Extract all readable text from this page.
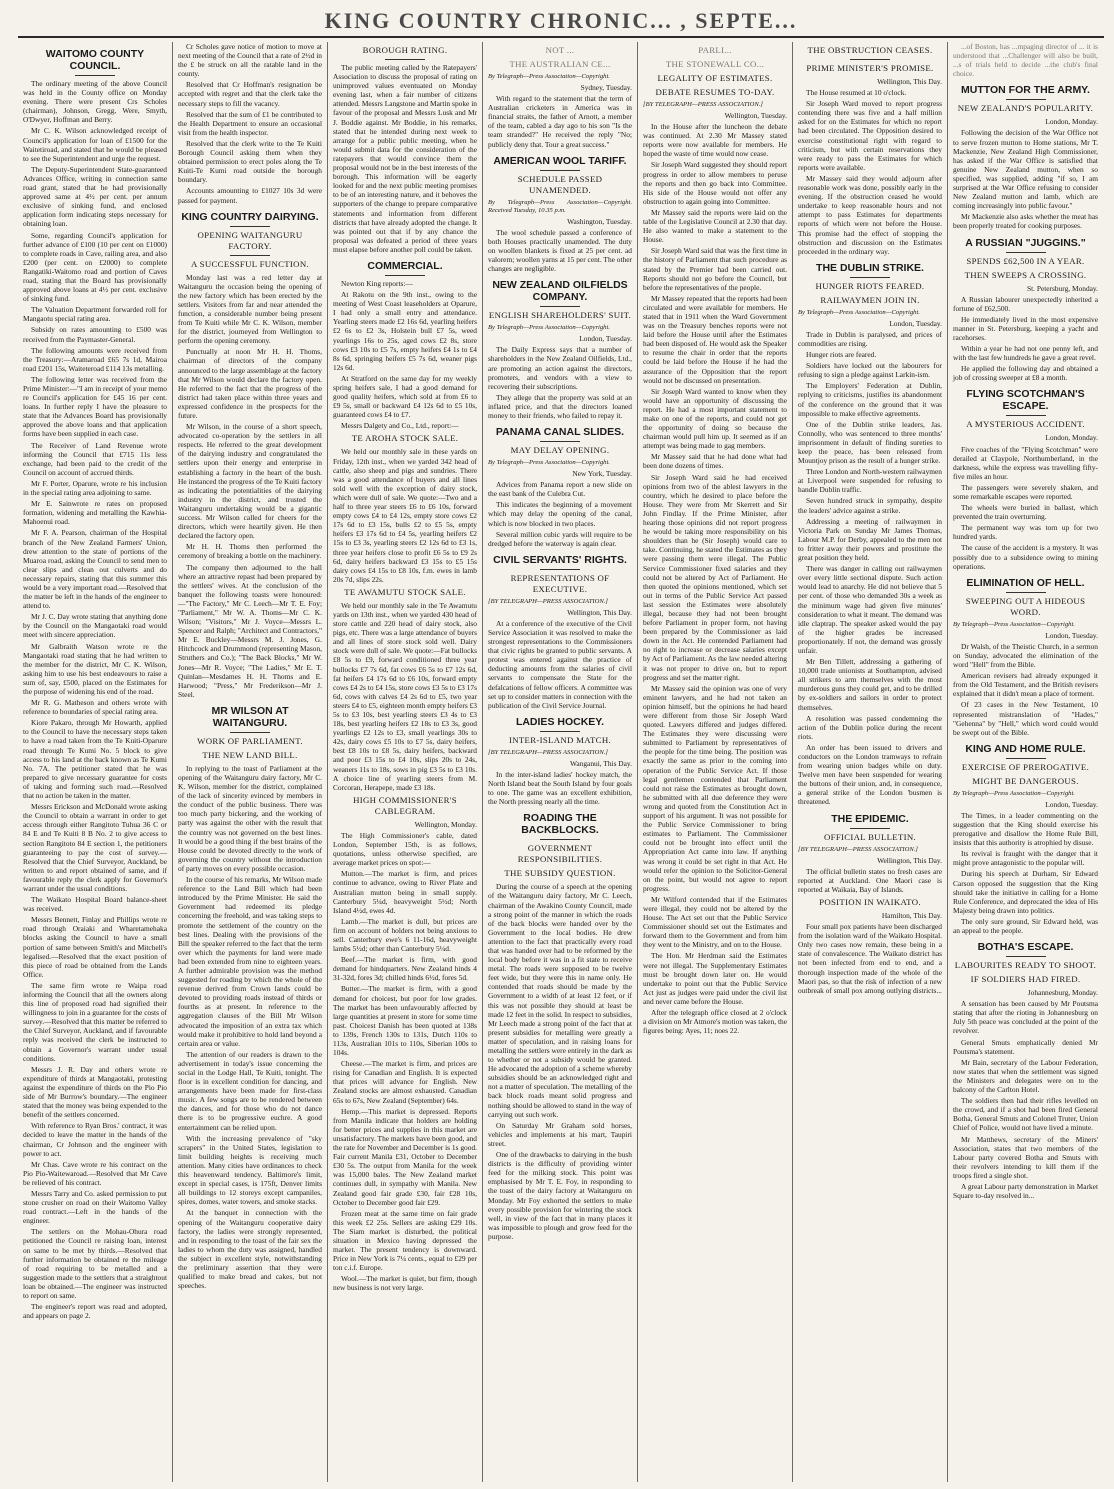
KING COUNTRY CHRONIC... , SEPTE...
WAITOMO COUNTY COUNCIL.

The ordinary meeting of the above Council was held in the County office on Monday evening. There were present Crs Scholes (chairman), Johnson, Gregg, Were, Smyth, O'Dwyer, Hoffman and Berry.

Mr C. K. Wilson acknowledged receipt of Council's application for loan of £1500 for the Waitetiroad, and stated that he would be pleased to see the Superintendent and urge the request.

The Deputy-Superintendent State-guaranteed Advances Office, writing in connection same road grant, stated that he had provisionally approved same at 4½ per cent. per annum exclusive of sinking fund, and enclosed application form indicating steps necessary for obtaining loan.

Some, regarding Council's application for further advance of £100 (10 per cent on £1000) to complete roads in Cave, railing area, and also £200 (per cent. on £2000) to complete Rangatiki-Waitomo road and portion of Caves road, stating that the Board has provisionally approved above loans at 4½ per cent. exclusive of sinking fund.

The Valuation Department forwarded roll for Mangaotu special rating area.

Subsidy on rates amounting to £500 was received from the Paymaster-General.

The following amounts were received from the Treasury:—Aramaroad £65 7s 1d, Mairoa road £201 15s, Waiteteroad £114 13s metalling.

The following letter was received from the Prime Minister:—"I am in receipt of your memo re Council's application for £45 16 per cent. loans. In further reply I have the pleasure to state that the Advances Board has provisionally approved the above loans and that application forms have been supplied in each case.

The Receiver of Land Revenue wrote informing the Council that £715 11s less exchange, had been paid to the credit of the Council on account of accrued thirds.

Mr F. Porter, Oparure, wrote re his inclusion in the special rating area adjoining to same.

Mr E. Sainwrote re rates on proposed formation, widening and metalling the Kawhia-Mahoenui road.

Mr F. A. Pearson, chairman of the Hospital branch of the New Zealand Farmers' Union, drew attention to the state of portions of the Muaroa road, asking the Council to send men to clear slips and clean out culverts and do necessary repairs, stating that this summer this would be a very important road.—Resolved that the matter be left in the hands of the engineer to attend to.

Mr J. C. Day wrote stating that anything done by the Council on the Mangaotaki road would meet with sincere appreciation.

Mr Galbraith Watson wrote re the Mangaotaki road stating that he had written to the member for the district, Mr C. K. Wilson, asking him to use his best endeavours to raise a sum of, say, £500, placed on the Estimates for the purpose of widening his end of the road.

Mr R. G. Matheson and others wrote with reference to boundaries of special rating area.

Kiore Pakaro, through Mr Howarth, applied to the Council to have the necessary steps taken to have a road taken from the Te Kuiti-Oparure road through Te Kumi No. 5 block to give access to his land at the back known as Te Kumi No. 7A. The petitioner stated that he was prepared to give necessary guarantee for costs of taking and forming such road.—Resolved that no action be taken in the matter.

Messrs Erickson and McDonald wrote asking the Council to obtain a warrant in order to get access through either Rangitoto Tuhua 36 C or 84 E and Te Kuiti 8 B No. 2 to give access to section Rangitoto 84 E section 1, the petitioners guaranteeing to pay the cost of survey.—Resolved that the Chief Surveyor, Auckland, be written to and report obtained of same, and if favourable reply the clerk apply for Governor's warrant under the usual conditions.

The Waikato Hospital Board balance-sheet was received.

Messrs Bennett, Finlay and Phillips wrote re road through Oraiaki and Wharetamehaka blocks asking the Council to have a small portion of same between Smith's and Mitchell's legalised.—Resolved that the exact position of this piece of road be obtained from the Lands Office.

The same firm wrote re Waipa road informing the Council that all the owners along this line of proposed road had signified their willingness to join in a guarantee for the costs of survey.—Resolved that this matter be referred to the Chief Surveyor, Auckland, and if favourable reply was received the clerk be instructed to obtain a Governor's warrant under usual conditions.

Messrs J. R. Day and others wrote re expenditure of thirds at Mangaotaki, protesting against the expenditure of thirds on the Pio Pio side of Mr Burrow's boundary.—The engineer stated that the money was being expended to the benefit of the settlers concerned.

With reference to Ryan Bros.' contract, it was decided to leave the matter in the hands of the chairman, Cr Johnson and the engineer with power to act.

Mr Chas. Cave wrote re his contract on the Pio Pio-Waitewaroad.—Resolved that Mr Cave be relieved of his contract.

Messrs Tarry and Co. asked permission to put stone crusher on road on their Waitomo Valley road contract.—Left in the hands of the engineer.

The settlers on the Mohau-Ohura road petitioned the Council re raising loan, interest on same to be met by thirds.—Resolved that further information be obtained re the mileage of road requiring to be metalled and a suggestion made to the settlers that a straightout loan be obtained.—The engineer was instructed to report on same.

The engineer's report was read and adopted, and appears on page 2.

Cr Scholes gave notice of motion to move at next meeting of the Council that a rate of 2½d in the £ be struck on all the ratable land in the county.

Resolved that Cr Hoffman's resignation be accepted with regret and that the clerk take the necessary steps to fill the vacancy.

Resolved that the sum of £1 be contributed to the Health Department to ensure an occasional visit from the health inspector.

Resolved that the clerk write to the Te Kuiti Borough Council asking them when they obtained permission to erect poles along the Te Kuiti-Te Kumi road outside the borough boundary.

Accounts amounting to £1027 10s 3d were passed for payment.

KING COUNTRY DAIRYING.
OPENING WAITANGURU FACTORY.
A SUCCESSFUL FUNCTION.

Monday last was a red letter day at Waitanguru the occasion being the opening of the new factory which has been erected by the settlers. Visitors from far and near attended the function, a considerable number being present from Te Kuiti while Mr C. K. Wilson, member for the district, journeyed from Wellington to perform the opening ceremony.

Punctually at noon Mr H. H. Thoms, chairman of directors of the company announced to the large assemblage at the factory that Mr Wilson would declare the factory open. He referred to the fact that the progress of the district had taken place within three years and expressed confidence in the prospects for the future.

Mr Wilson, in the course of a short speech, advocated co-operation by the settlers in all respects. He referred to the great development of the dairying industry and congratulated the settlers upon their energy and enterprise in establishing a factory in the heart of the bush. He instanced the progress of the Te Kuiti factory as indicating the potentialities of the dairying industry in the district, and trusted the Waitanguru undertaking would be a gigantic success. Mr Wilson called for cheers for the directors, which were heartily given. He then declared the factory open.

Mr H. H. Thoms then performed the ceremony of breaking a bottle on the machinery.

The company then adjourned to the hall where an attractive repast had been prepared by the settlers' wives. At the conclusion of the banquet the following toasts were honoured:—"The Factory," Mr C. Leech—Mr T. E. Foy; "Parliament," Mr W. A. Thoms—Mr C. K. Wilson; "Visitors," Mr J. Voyce—Messrs L. Spencer and Ralph; "Architect and Contractors," Mr E. Buckley—Messrs M. J. Jones, G. Hitchcock and Drummond (representing Mason, Struthers and Co.); "The Back Blocks," Mr W. Jones—Mr R. Voyce; "The Ladies," Mr E. T. Quinlan—Mesdames H. H. Thoms and E. Harwood; "Press," Mr Frederikson—Mr J. Steel.

MR WILSON AT WAITANGURU.
WORK OF PARLIAMENT.
THE NEW LAND BILL.

In replying to the toast of Parliament at the opening of the Waitanguru dairy factory, Mr C. K. Wilson, member for the district, complained of the lack of sincerity evinced by members in the conduct of the public business. There was too much party bickering, and the working of party was against the other with the result that the country was not governed on the best lines. It would be a good thing if the best brains of the House could be devoted directly to the work of governing the country without the introduction of party moves on every possible occasion.

In the course of his remarks, Mr Wilson made reference to the Land Bill which had been introduced by the Prime Minister. He said the Government had redeemed its pledge concerning the freehold, and was taking steps to promote the settlement of the country on the best lines. Dealing with the provisions of the Bill the speaker referred to the fact that the term over which the payments for land were made had been extended from nine to eighteen years. A further admirable provision was the method suggested for roading by which the whole of the revenue derived from Crown lands could be devoted to providing roads instead of thirds or fourths as at present. In reference to the aggregation clauses of the Bill Mr Wilson advocated the imposition of an extra tax which would make it prohibitive to hold land beyond a certain area or value.

The attention of our readers is drawn to the advertisement in today's issue concerning the social in the Lodge Hall, Te Kuiti, tonight. The floor is in excellent condition for dancing, and arrangements have been made for first-class music. A few songs are to be rendered between the dances, and for those who do not dance there is to be progressive euchre. A good entertainment can be relied upon.

With the increasing prevalence of "sky scrapers" in the United States, legislation to limit building heights is receiving much attention. Many cities have ordinances to check this heavenward tendency. Baltimore's limit, except in special cases, is 175ft, Denver limits all buildings to 12 storeys except campaniles, spires, domes, water towers, and smoke stacks.

At the banquet in connection with the opening of the Waitanguru cooperative dairy factory, the ladies were strongly represented, and in responding to the toast of the fair sex the ladies to whom the duty was assigned, handled the subject in excellent style, notwithstanding the preliminary assertion that they were qualified to make bread and cakes, but not speeches.

BOROUGH RATING.

The public meeting called by the Ratepayers' Association to discuss the proposal of rating on unimproved values eventuated on Monday evening last, when a fair number of citizens attended. Messrs Langstone and Martin spoke in favour of the proposal and Messrs Lusk and Mr J. Boddie against. Mr Boddie, in his remarks, stated that he intended during next week to arrange for a public public meeting, when he would submit data for the consideration of the ratepayers that would convince them the proposal would not be in the best interests of the borough. This information will be eagerly looked for and the next public meeting promises to be of an interesting nature, and it behoves the supporters of the change to prepare comparative statements and information from different districts that have already adopted the change. It was pointed out that if by any chance the proposal was defeated a period of three years must elapse before another poll could be taken.

COMMERCIAL.

Newton King reports:—

At Rakotu on the 9th inst., owing to the meeting of West Coast leaseholders at Oparure, I had only a small entry and attendance. Yearling steers made £2 16s 6d, yearling heifers £2 6s to £2 3s, Holstein bull £7 5s, weed yearlings 16s to 25s, aged cows £2 8s, store cows £3 10s to £5 7s, empty heifers £4 1s to £4 8s 6d, springing heifers £5 7s 6d, weaner pigs 12s 6d.

At Stratford on the same day for my weekly spring heifers sale, I had a good demand for good quality heifers, which sold at from £6 to £9 5s, small or backward £4 12s 6d to £5 10s, guaranteed cows £4 to £7.

Messrs Dalgety and Co., Ltd., report:—

TE AROHA STOCK SALE.

We held our monthly sale in these yards on Friday, 12th inst., when we yarded 342 head of cattle, also sheep and pigs and sundries. There was a good attendance of buyers and all lines sold well with the exception of dairy stock, which were dull of sale. We quote:—Two and a half to three year steers £6 to £6 10s, forward empty cows £4 to £4 12s, empty store cows £2 17s 6d to £3 15s, bulls £2 to £5 5s, empty heifers £3 17s 6d to £4 5s, yearling heifers £2 15s to £3 3s, yearling steers £2 12s 6d to £3 1s, three year heifers close to profit £6 5s to £9 2s 6d, dairy heifers backward £3 15s to £5 15s dairy cows £4 15s to £8 10s, f.m. ewes in lamb 20s 7d, slips 22s.

TE AWAMUTU STOCK SALE.

We held our monthly sale in the Te Awamutu yards on 13th inst., when we yarded 430 head of store cattle and 220 head of dairy stock, also pigs, etc. There was a large attendance of buyers and all lines of store stock sold well. Dairy stock were dull of sale. We quote:—Fat bullocks £8 5s to £9, forward conditioned three year bullocks £7 7s 6d, fat cows £6 5s to £7 12s 6d, fat heifers £4 17s 6d to £6 10s, forward empty cows £4 2s to £4 15s, store cows £3 5s to £3 17s 6d, cows with calves £4 2s 6d to £5, two year steers £4 to £5, eighteen month empty heifers £3 5s to £3 10s, best yearling steers £3 4s to £3 18s, best yearling heifers £2 18s to £3 3s, good yearlings £2 12s to £3, small yearlings 30s to 42s, dairy cows £5 10s to £7 5s, dairy heifers, best £8 10s to £8 5s, dairy heifers, backward and poor £3 15s to £4 10s, slips 20s to 24s, weaners 11s to 18s, sows in pig £3 5s to £3 10s. A choice line of yearling steers from M. Corcoran, Herapepe, made £3 18s.

HIGH COMMISSIONER'S CABLEGRAM.
Wellington, Monday.

The High Commissioner's cable, dated London, September 15th, is as follows, quotations, unless otherwise specified, are average market prices on spot:—

Mutton.—The market is firm, and prices continue to advance, owing to River Plate and Australian mutton being in small supply. Canterbury 5¼d, heavyweight 5½d; North Island 4½d, ewes 4d.

Lamb.—The market is dull, but prices are firm on account of holders not being anxious to sell. Canterbury ewe's 6 11-16d, heavyweight lambs 5½d; other than Canterbury 5¼d.

Beef.—The market is firm, with good demand for hindquarters. New Zealand hinds 4 31-32d, fores 3d; chilled hinds 6½d, fores 5d.

Butter.—The market is firm, with a good demand for choicest, but poor for low grades. The market has been unfavourably affected by large quantities at present in store for some time past. Choicest Danish has been quoted at 138s to 139s, French 130s to 131s, Dutch 110s to 113s, Australian 101s to 110s, Siberian 100s to 104s.

Cheese.—The market is firm, and prices are rising for Canadian and English. It is expected that prices will advance for English. New Zealand stocks are almost exhausted. Canadian 65s to 67s, New Zealand (September) 64s.

Hemp.—This market is depressed. Reports from Manila indicate that holders are holding for better prices and supplies in this market are unsatisfactory. The markets have been good, and the rate for November and December is 1s good. Fair current Manila £31, October to December £30 5s. The output from Manila for the week was 15,000 bales. The New Zealand market continues dull, in sympathy with Manila. New Zealand good fair grade £30, fair £28 10s, October to December good fair £29.

Frozen meat at the same time on fair grade this week £2 25s. Sellers are asking £29 10s. The Siam market is disturbed, the political situation in Mexico having depressed the market. The present tendency is downward. Price in New York is 7¼ cents., equal to £29 per ton c.i.f. Europe.

Wool.—The market is quiet, but firm, though new business is not very large.

NOT ...
THE AUSTRALIAN CE...
By Telegraph—Press Association—Copyright.
Sydney, Tuesday.

With regard to the statement that the term of Australian cricketers in America was in financial straits, the father of Arnott, a member of the team, cabled a day ago to his son "Is the team stranded?" He received the reply "No; publicly deny that. Tour a great success."

AMERICAN WOOL TARIFF.
SCHEDULE PASSED UNAMENDED.
By Telegraph—Press Association—Copyright. Received Tuesday, 10.35 p.m.
Washington, Tuesday.

The wool schedule passed a conference of both Houses practically unamended. The duty on woollen blankets is fixed at 25 per cent. ad valorem; woollen yarns at 15 per cent. The other changes are negligible.

NEW ZEALAND OILFIELDS COMPANY.
ENGLISH SHAREHOLDERS' SUIT.
By Telegraph—Press Association—Copyright.
London, Tuesday.

The Daily Express says that a number of shareholders in the New Zealand Oilfields, Ltd., are promoting an action against the directors, promoters, and vendors with a view to recovering their subscriptions.

They allege that the property was sold at an inflated price, and that the directors loaned money to their friends, who failed to repay it.

PANAMA CANAL SLIDES.
MAY DELAY OPENING.
By Telegraph—Press Association—Copyright.
New York, Tuesday.

Advices from Panama report a new slide on the east bank of the Culebra Cut.

This indicates the beginning of a movement which may delay the opening of the canal, which is now blocked in two places.

Several million cubic yards will require to be dredged before the waterway is again clear.

CIVIL SERVANTS' RIGHTS.
REPRESENTATIONS OF EXECUTIVE.
[BY TELEGRAPH—PRESS ASSOCIATION.]
Wellington, This Day.

At a conference of the executive of the Civil Service Association it was resolved to make the strongest representations to the Commissioners that civic rights be granted to public servants. A protest was entered against the practice of deducting amounts from the salaries of civil servants to compensate the State for the defalcations of fellow officers. A committee was set up to consider matters in connection with the publication of the Civil Service Journal.

LADIES HOCKEY.
INTER-ISLAND MATCH.
[BY TELEGRAPH—PRESS ASSOCIATION.]
Wanganui, This Day.

In the inter-island ladies' hockey match, the North Island beat the South Island by four goals to one. The game was an excellent exhibition, the North pressing nearly all the time.

ROADING THE BACKBLOCKS.
GOVERNMENT RESPONSIBILITIES.
THE SUBSIDY QUESTION.

During the course of a speech at the opening of the Waitanguru dairy factory, Mr C. Leech, chairman of the Awakino County Council, made a strong point of the manner in which the roads of the back blocks were handed over by the Government to the local bodies. He drew attention to the fact that practically every road that was handed over had to be reformed by the local body before it was in a fit state to receive metal. The roads were supposed to be twelve feet wide, but they were this in name only. He contended that roads should be made by the Government to a width of at least 12 feet, or if this was not possible they should at least be made 12 feet in the solid. In respect to subsidies, Mr Leech made a strong point of the fact that at present subsidies for metalling were greatly a matter of speculation, and in raising loans for metalling the settlers were entirely in the dark as to whether or not a subsidy would be granted. He advocated the adoption of a scheme whereby subsidies should be an acknowledged right and not a matter of speculation. The metalling of the back block roads meant solid progress and nothing should be allowed to stand in the way of carrying out such work.

On Saturday Mr Graham sold horses, vehicles and implements at his mart, Taupiri street.

One of the drawbacks to dairying in the bush districts is the difficulty of providing winter feed for the milking stock. This point was emphasised by Mr T. E. Foy, in responding to the toast of the dairy factory at Waitanguru on Monday. Mr Foy exhorted the settlers to make every possible provision for wintering the stock well, in view of the fact that in many places it was impossible to plough and grow feed for the purpose.

PARLI...
THE STONEWALL CO...
LEGALITY OF ESTIMATES.
DEBATE RESUMES TO-DAY.
[BY TELEGRAPH—PRESS ASSOCIATION.]
Wellington, Tuesday.

In the House after the luncheon the debate was continued. At 2.30 Mr Massey stated reports were now available for members. He hoped the waste of time would now cease.

Sir Joseph Ward suggested they should report progress in order to allow members to peruse the reports and then go back into Committee. His side of the House would not offer any obstruction to again going into Committee.

Mr Massey said the reports were laid on the table of the Legislative Council at 2.30 that day. He also wanted to make a statement to the House.

Sir Joseph Ward said that was the first time in the history of Parliament that such procedure as stated by the Premier had been carried out. Reports should not go before the Council, but before the representatives of the people.

Mr Massey repeated that the reports had been circulated and were available for members. He stated that in 1911 when the Ward Government was on the Treasury benches reports were not laid before the House until after the Estimates had been disposed of. He would ask the Speaker to resume the chair in order that the reports could be laid before the House if he had the assurance of the Opposition that the report would not be discussed on presentation.

Sir Joseph Ward wanted to know when they would have an opportunity of discussing the report. He had a most important statement to make on one of the reports, and could not get the opportunity of doing so because the chairman would pull him up. It seemed as if an attempt was being made to gag members.

Mr Massey said that he had done what had been done dozens of times.

Sir Joseph Ward said he had received opinions from two of the ablest lawyers in the country, which he desired to place before the House. They were from Mr Skerrett and Sir John Findlay. If the Prime Minister, after hearing those opinions did not report progress he would be taking more responsibility on his shoulders than he (Sir Joseph) would care to take. Continuing, he stated the Estimates as they were passing them were illegal. The Public Service Commissioner fixed salaries and they could not be altered by Act of Parliament. He then quoted the opinions mentioned, which set out in terms of the Public Service Act passed last session the Estimates were absolutely illegal, because they had not been brought before Parliament in proper form, not having been prepared by the Commissioner as laid down in the Act. He contended Parliament had no right to increase or decrease salaries except by Act of Parliament. As the law needed altering it was not proper to drive on, but to report progress and set the matter right.

Mr Massey said the opinion was one of very eminent lawyers, and he had not taken an opinion himself, but the opinions he had heard were different from those Sir Joseph Ward quoted. Lawyers differed and judges differed. The Estimates they were discussing were submitted to Parliament by representatives of the people for the time being. The position was exactly the same as prior to the coming into operation of the Public Service Act. If those legal gentlemen contended that Parliament could not raise the Estimates as brought down, he submitted with all due deference they were wrong and quoted from the Constitution Act in support of his argument. It was not possible for the Public Service Commissioner to bring estimates to Parliament. The Commissioner could not be brought into effect until the Appropriation Act came into law. If anything was wrong it could be set right in that Act. He would refer the opinion to the Solicitor-General on the point, but would not agree to report progress.

Mr Wilford contended that if the Estimates were illegal, they could not be altered by the House. The Act set out that the Public Service Commissioner should set out the Estimates and forward them to the Government and from him they went to the Ministry, and on to the House.

The Hon. Mr Herdman said the Estimates were not illegal. The Supplementary Estimates must be brought down later on. He would undertake to point out that the Public Service Act just as judges were paid under the civil list and never came before the House.

After the telegraph office closed at 2 o'clock a division on Mr Atmore's motion was taken, the figures being: Ayes, 11; noes 22.

THE OBSTRUCTION CEASES.
PRIME MINISTER'S PROMISE.
Wellington, This Day.

The House resumed at 10 o'clock.

Sir Joseph Ward moved to report progress contending there was five and a half million asked for on the Estimates for which no report had been circulated. The Opposition desired to exercise constitutional right with regard to criticism, but with certain reservations they were ready to pass the Estimates for which reports were available.

Mr Massey said they would adjourn after reasonable work was done, possibly early in the evening. If the obstruction ceased he would undertake to keep reasonable hours and not attempt to pass Estimates for departments reports of which were not before the House. This promise had the effect of stopping the obstruction and discussion on the Estimates proceeded in the ordinary way.

THE DUBLIN STRIKE.
HUNGER RIOTS FEARED.
RAILWAYMEN JOIN IN.
By Telegraph—Press Association—Copyright.
London, Tuesday.

Trade in Dublin is paralysed, and prices of commodities are rising.

Hunger riots are feared.

Soldiers have locked out the labourers for refusing to sign a pledge against Larkin-ism.

The Employers' Federation at Dublin, replying to criticisms, justifies its abandonment of the conference on the ground that it was impossible to make effective agreements.

One of the Dublin strike leaders, Jas. Connolly, who was sentenced to three months' imprisonment in default of finding sureties to keep the peace, has been released from Mountjoy prison as the result of a hunger strike.

Three London and North-western railwaymen at Liverpool were suspended for refusing to handle Dublin traffic.

Seven hundred struck in sympathy, despite the leaders' advice against a strike.

Addressing a meeting of railwaymen in Victoria Park on Sunday Mr James Thomas, Labour M.P. for Derby, appealed to the men not to fritter away their powers and prostitute the great position they held.

There was danger in calling out railwaymen over every little sectional dispute. Such action would lead to anarchy. He did not believe that 5 per cent. of those who demanded 30s a week as the minimum wage had given five minutes' consideration to what it meant. The demand was idle claptrap. The speaker asked would the pay of the higher grades be increased proportionately. If not, the demand was grossly unfair.

Mr Ben Tillett, addressing a gathering of 10,000 trade unionists at Southampton, advised all strikers to arm themselves with the most murderous guns they could get, and to be drilled by ex-soldiers and sailors in order to protect themselves.

A resolution was passed condemning the action of the Dublin police during the recent riots.

An order has been issued to drivers and conductors on the London tramways to refrain from wearing union badges while on duty. Twelve men have been suspended for wearing the buttons of their union, and, in consequence, a general strike of the London 'busmen is threatened.

THE EPIDEMIC.
OFFICIAL BULLETIN.
[BY TELEGRAPH—PRESS ASSOCIATION.]
Wellington, This Day.

The official bulletin states no fresh cases are reported at Auckland. One Maori case is reported at Waikaia, Bay of Islands.

POSITION IN WAIKATO.
Hamilton, This Day.

Four small pox patients have been discharged from the isolation ward of the Waikato Hospital. Only two cases now remain, these being in a state of convalescence. The Waikato district has not been infected from end to end, and a thorough inspection made of the whole of the Maori pas, so that the risk of infection of a new outbreak of small pox among outlying districts...

...of Boston, has ...mpaging director of ... it is understood that ...Challenger will also be built, ...s of trials held to decide ...the club's final choice.

MUTTON FOR THE ARMY.
NEW ZEALAND'S POPULARITY.
London, Monday.

Following the decision of the War Office not to serve frozen mutton to Home stations, Mr T. Mackenzie, New Zealand High Commissioner, has asked if the War Office is satisfied that genuine New Zealand mutton, when so specified, was supplied, adding "if so, I am surprised at the War Office refusing to consider New Zealand mutton and lamb, which are coming increasingly into public favour."

Mr Mackenzie also asks whether the meat has been properly treated for cooking purposes.

A RUSSIAN "JUGGINS."
SPENDS £62,500 IN A YEAR.
THEN SWEEPS A CROSSING.
St. Petersburg, Monday.

A Russian labourer unexpectedly inherited a fortune of £62,500.

He immediately lived in the most expensive manner in St. Petersburg, keeping a yacht and racehorses.

Within a year he had not one penny left, and with the last few hundreds he gave a great revel.

He applied the following day and obtained a job of crossing sweeper at £8 a month.

FLYING SCOTCHMAN'S ESCAPE.
A MYSTERIOUS ACCIDENT.
London, Monday.

Five coaches of the "Flying Scotchman" were derailed at Claypole, Northumberland, in the darkness, while the express was travelling fifty-five miles an hour.

The passengers were severely shaken, and some remarkable escapes were reported.

The wheels were buried in ballast, which prevented the train overturning.

The permanent way was torn up for two hundred yards.

The cause of the accident is a mystery. It was possibly due to a subsidence owing to mining operations.

ELIMINATION OF HELL.
SWEEPING OUT A HIDEOUS WORD.
By Telegraph—Press Association—Copyright.
London, Tuesday.

Dr Walsh, of the Theistic Church, in a sermon on Sunday, advocated the elimination of the word "Hell" from the Bible.

American revisers had already expunged it from the Old Testament, and the British revisers explained that it didn't mean a place of torment.

Of 23 cases in the New Testament, 10 represented mistranslation of "Hades," "Gehenna" by "Hell," which word could would be swept out of the Bible.

KING AND HOME RULE.
EXERCISE OF PREROGATIVE.
MIGHT BE DANGEROUS.
By Telegraph—Press Association—Copyright.
London, Tuesday.

The Times, in a leader commenting on the suggestion that the King should exercise his prerogative and disallow the Home Rule Bill, insists that this authority is atrophied by disuse.

Its revival is fraught with the danger that it might prove antagonistic to the popular will.

During his speech at Durham, Sir Edward Carson opposed the suggestion that the King should take the initiative in calling for a Home Rule Conference, and deprecated the idea of His Majesty being drawn into politics.

The only sure ground, Sir Edward held, was an appeal to the people.

BOTHA'S ESCAPE.
LABOURITES READY TO SHOOT.
IF SOLDIERS HAD FIRED.
Johannesburg, Monday.

A sensation has been caused by Mr Poutsma stating that after the rioting in Johannesburg on July 5th peace was concluded at the point of the revolver.

General Smuts emphatically denied Mr Poutsma's statement.

Mr Bain, secretary of the Labour Federation, now states that when the settlement was signed the Ministers and delegates were on to the balcony of the Carlton Hotel.

The soldiers then had their rifles levelled on the crowd, and if a shot had been fired General Botha, General Smuts and Colonel Truter, Union Chief of Police, would not have lived a minute.

Mr Matthews, secretary of the Miners' Association, states that two members of the Labour party covered Botha and Smuts with their revolvers intending to kill them if the troops fired a single shot.

A great Labour party demonstration in Market Square to-day resolved in...
